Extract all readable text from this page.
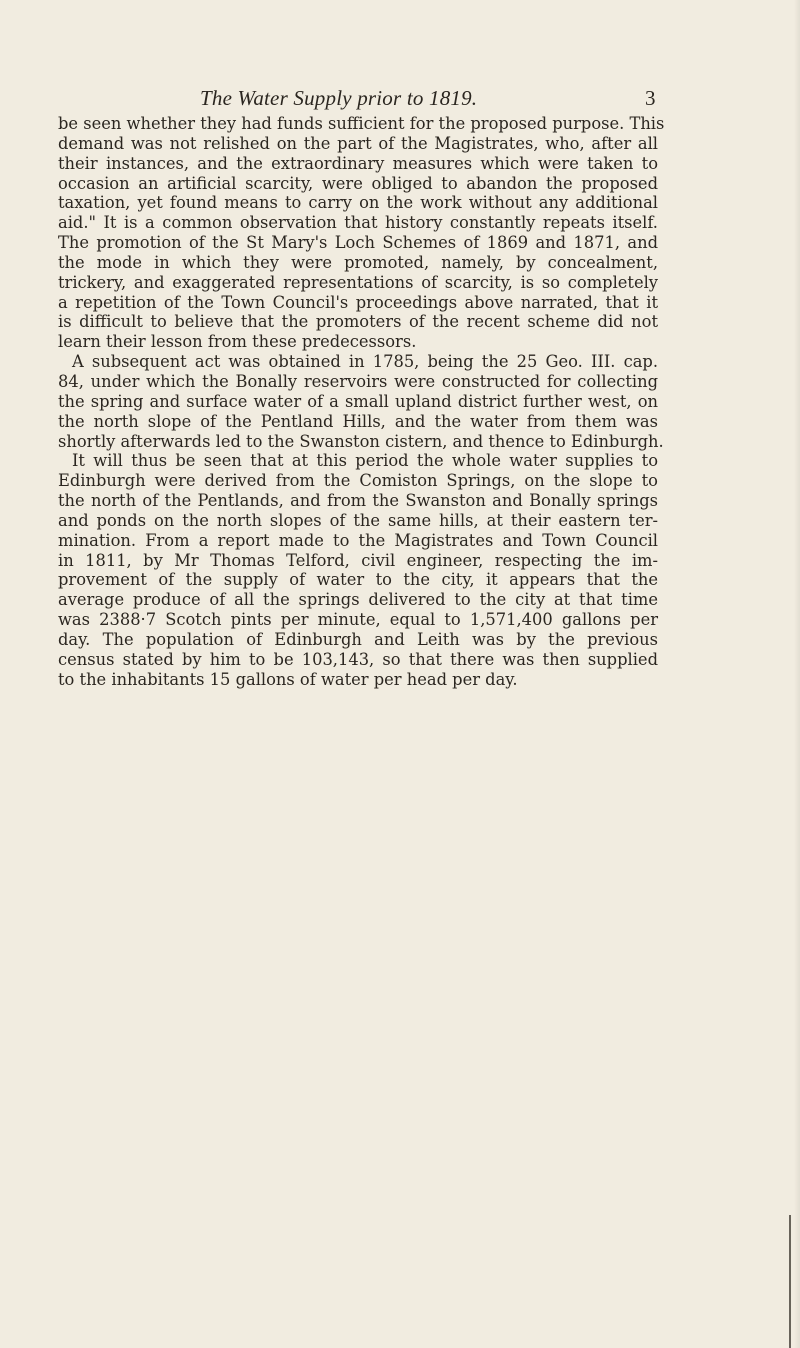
The Water Supply prior to 1819.	3
be seen whether they had funds sufficient for the proposed purpose. This
demand was not relished on the part of the Magistrates, who, after all
their instances, and the extraordinary measures which were taken to
occasion an artificial scarcity, were obliged to abandon the proposed
taxation, yet found means to carry on the work without any additional
aid." It is a common observation that history constantly repeats itself.
The promotion of the St Mary's Loch Schemes of 1869 and 1871, and
the mode in which they were promoted, namely, by concealment,
trickery, and exaggerated representations of scarcity, is so completely
a repetition of the Town Council's proceedings above narrated, that it
is difficult to believe that the promoters of the recent scheme did not
learn their lesson from these predecessors.
A subsequent act was obtained in 1785, being the 25 Geo. III. cap.
84, under which the Bonally reservoirs were constructed for collecting
the spring and surface water of a small upland district further west, on
the north slope of the Pentland Hills, and the water from them was
shortly afterwards led to the Swanston cistern, and thence to Edinburgh.
It will thus be seen that at this period the whole water supplies to
Edinburgh were derived from the Comiston Springs, on the slope to
the north of the Pentlands, and from the Swanston and Bonally springs
and ponds on the north slopes of the same hills, at their eastern ter-
mination. From a report made to the Magistrates and Town Council
in 1811, by Mr Thomas Telford, civil engineer, respecting the im-
provement of the supply of water to the city, it appears that the
average produce of all the springs delivered to the city at that time
was 2388·7 Scotch pints per minute, equal to 1,571,400 gallons per
day. The population of Edinburgh and Leith was by the previous
census stated by him to be 103,143, so that there was then supplied
to the inhabitants 15 gallons of water per head per day.
